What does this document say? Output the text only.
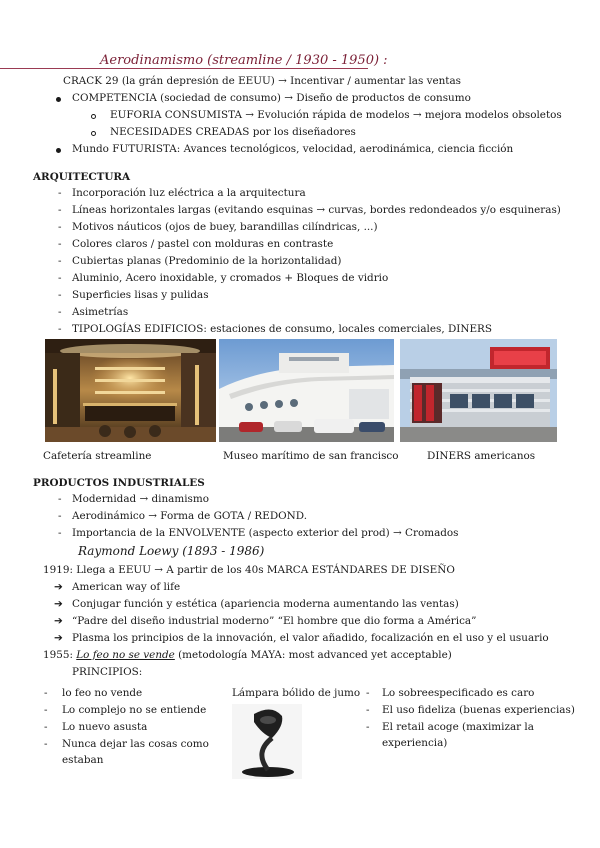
Aerodinamismo (streamline / 1930 - 1950) :
CRACK 29 (la grán depresión de EEUU) → Incentivar / aumentar las ventas
COMPETENCIA (sociedad de consumo) → Diseño de productos de consumo
EUFORIA CONSUMISTA → Evolución rápida de modelos → mejora modelos obsoletos
NECESIDADES CREADAS por los diseñadores
Mundo FUTURISTA: Avances tecnológicos, velocidad, aerodinámica, ciencia ficción
ARQUITECTURA
- Incorporación luz eléctrica a la arquitectura
- Líneas horizontales largas (evitando esquinas → curvas, bordes redondeados y/o esquineras)
- Motivos náuticos (ojos de buey, barandillas cilíndricas, ...)
- Colores claros / pastel con molduras en contraste
- Cubiertas planas (Predominio de la horizontalidad)
- Aluminio, Acero inoxidable, y cromados + Bloques de vidrio
- Superficies lisas y pulidas
- Asimetrías
- TIPOLOGÍAS EDIFICIOS: estaciones de consumo, locales comerciales, DINERS
Cafetería streamline	Museo marítimo de san francisco	DINERS americanos
PRODUCTOS INDUSTRIALES
- Modernidad → dinamismo
- Aerodinámico → Forma de GOTA / REDOND.
- Importancia de la ENVOLVENTE (aspecto exterior del prod) → Cromados
Raymond Loewy (1893 - 1986)
1919: Llega a EEUU → A partir de los 40s MARCA ESTÁNDARES DE DISEÑO
➔ American way of life
➔ Conjugar función y estética (apariencia moderna aumentando las ventas)
➔ “Padre del diseño industrial moderno” “El hombre que dio forma a América”
➔ Plasma los principios de la innovación, el valor añadido, focalización en el uso y el usuario
1955: Lo feo no se vende (metodología MAYA: most advanced yet acceptable)
PRINCIPIOS:
- lo feo no vende
- Lo complejo no se entiende
- Lo nuevo asusta
- Nunca dejar las cosas como estaban
Lámpara bólido de jumo - Lo sobreespecificado es caro
- El uso fideliza (buenas experiencias)
- El retail acoge (maximizar la experiencia)
